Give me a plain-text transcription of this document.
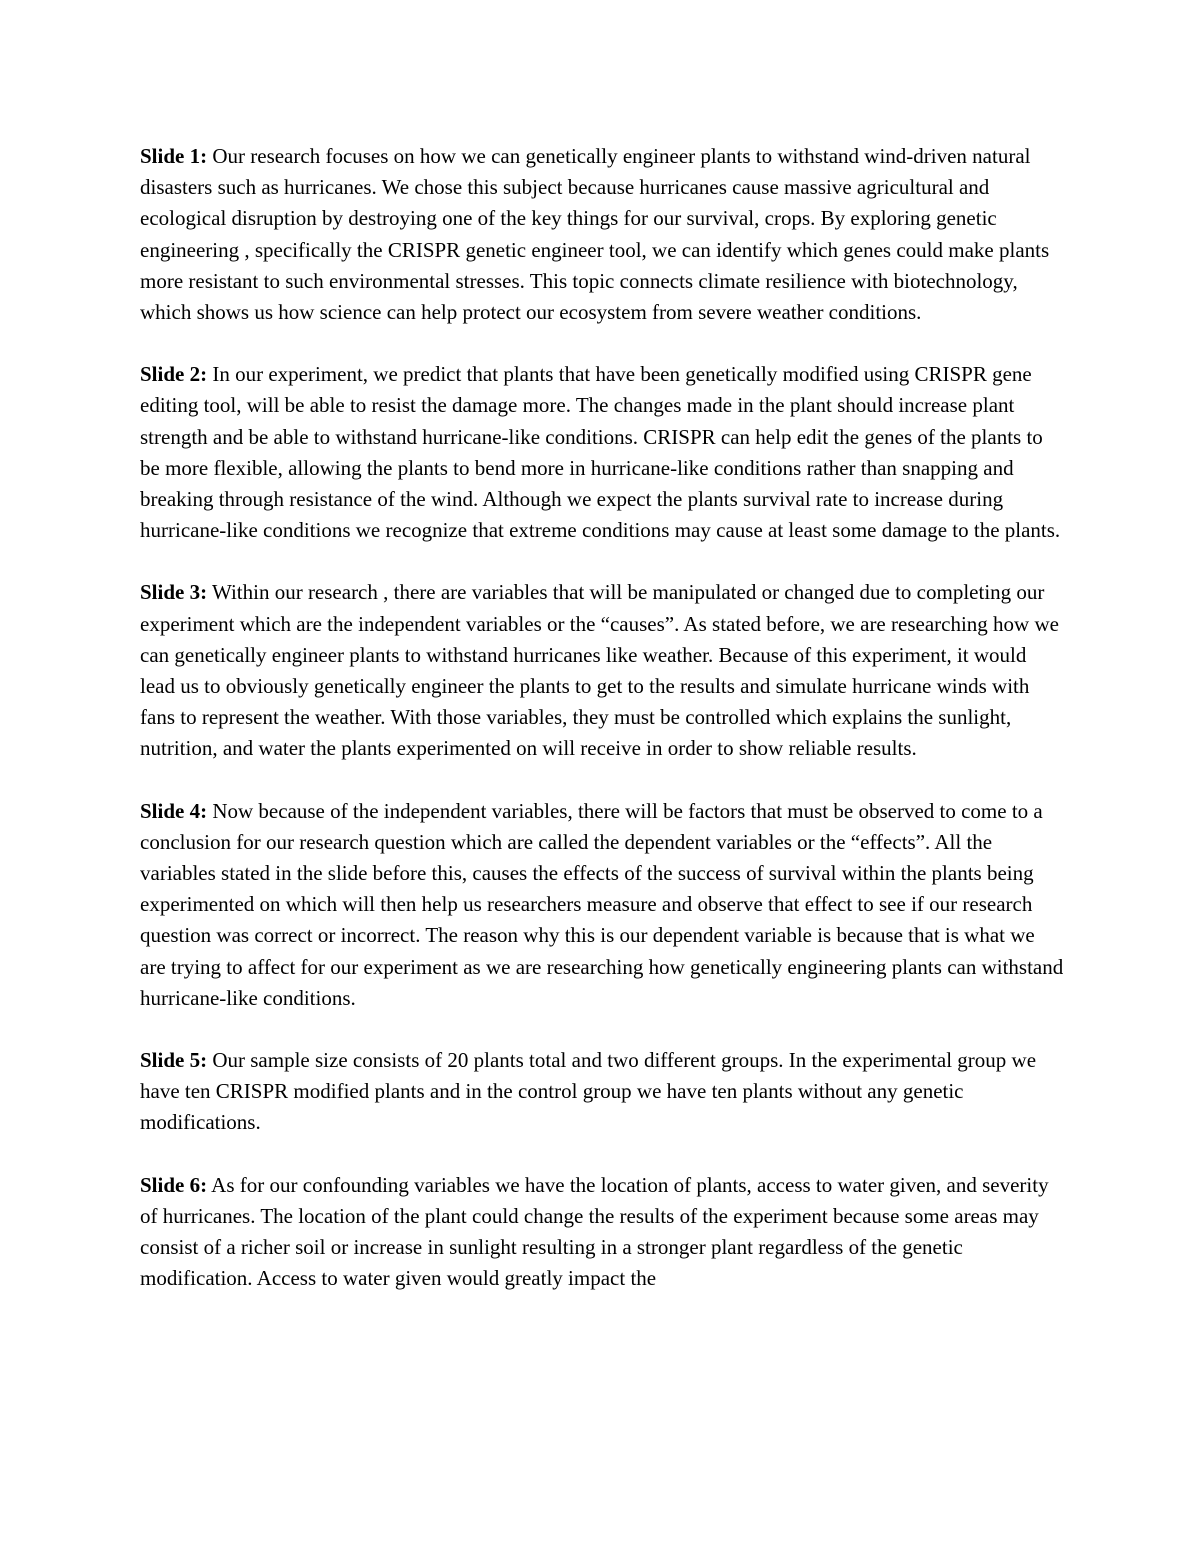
Slide 1: Our research focuses on how we can genetically engineer plants to withstand wind-driven natural disasters such as hurricanes. We chose this subject because hurricanes cause massive agricultural and ecological disruption by destroying one of the key things for our survival, crops. By exploring genetic engineering , specifically the CRISPR genetic engineer tool, we can identify which genes could make plants more resistant to such environmental stresses. This topic connects climate resilience with biotechnology, which shows us how science can help protect our ecosystem from severe weather conditions.

Slide 2: In our experiment, we predict that plants that have been genetically modified using CRISPR gene editing tool, will be able to resist the damage more. The changes made in the plant should increase plant strength and be able to withstand hurricane-like conditions. CRISPR can help edit the genes of the plants to be more flexible, allowing the plants to bend more in hurricane-like conditions rather than snapping and breaking through resistance of the wind. Although we expect the plants survival rate to increase during hurricane-like conditions we recognize that extreme conditions may cause at least some damage to the plants.

Slide 3: Within our research , there are variables that will be manipulated or changed due to completing our experiment which are the independent variables or the “causes”. As stated before, we are researching how we can genetically engineer plants to withstand hurricanes like weather. Because of this experiment, it would lead us to obviously genetically engineer the plants to get to the results and simulate hurricane winds with fans to represent the weather. With those variables, they must be controlled which explains the sunlight, nutrition, and water the plants experimented on will receive in order to show reliable results.

Slide 4: Now because of the independent variables, there will be factors that must be observed to come to a conclusion for our research question which are called the dependent variables or the “effects”. All the variables stated in the slide before this, causes the effects of the success of survival within the plants being experimented on which will then help us researchers measure and observe that effect to see if our research question was correct or incorrect. The reason why this is our dependent variable is because that is what we are trying to affect for our experiment as we are researching how genetically engineering plants can withstand hurricane-like conditions.

Slide 5: Our sample size consists of 20 plants total and two different groups. In the experimental group we have ten CRISPR modified plants and in the control group we have ten plants without any genetic modifications.

Slide 6: As for our confounding variables we have the location of plants, access to water given, and severity of hurricanes. The location of the plant could change the results of the experiment because some areas may consist of a richer soil or increase in sunlight resulting in a stronger plant regardless of the genetic modification. Access to water given would greatly impact the
